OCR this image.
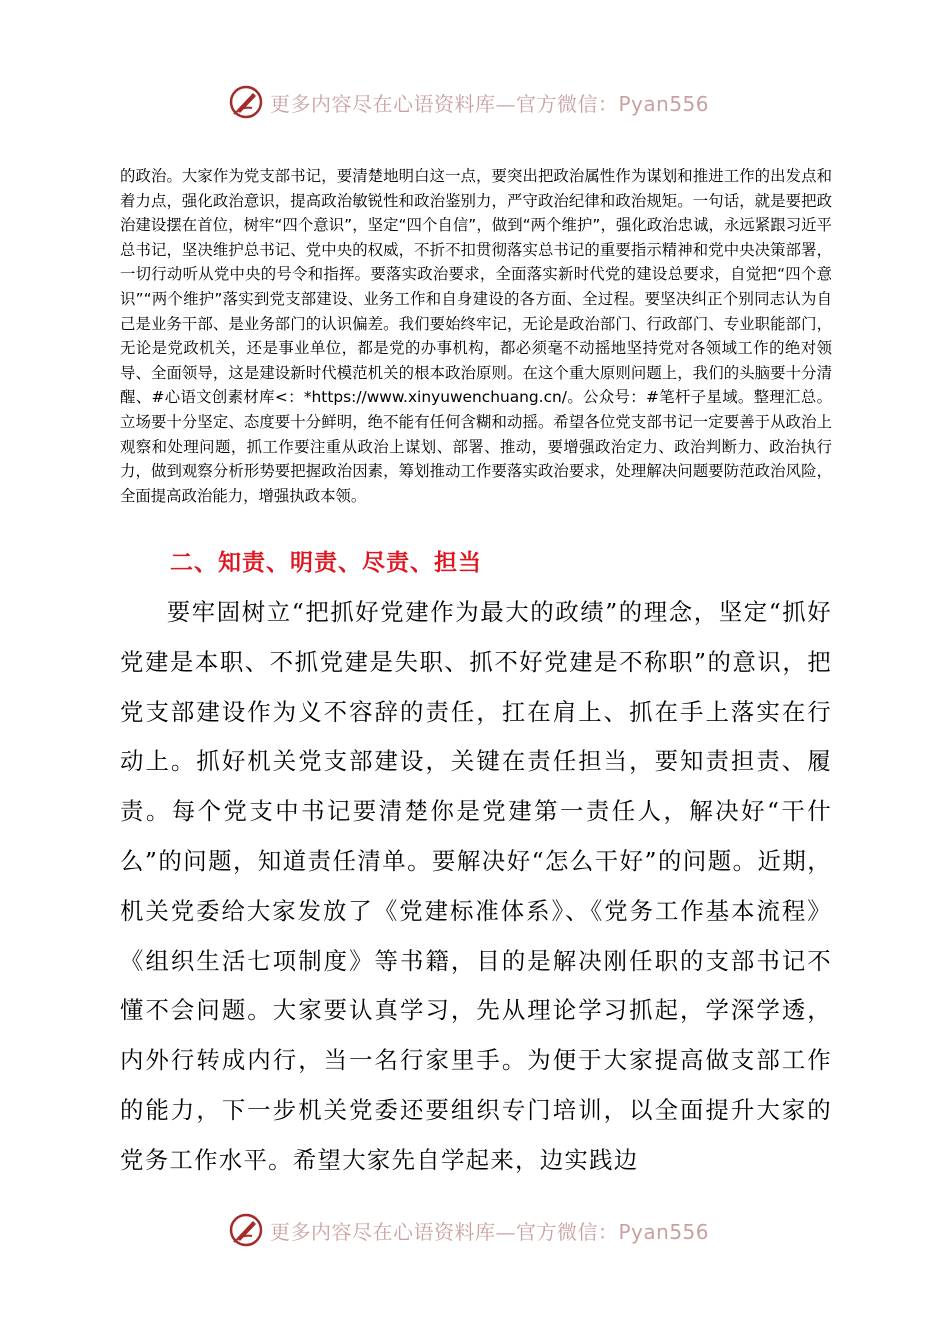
更多内容尽在心语资料库—官方微信：Pyan556

的政治。大家作为党支部书记，要清楚地明白这一点，要突出把政治属性作为谋划和推进工作的出发点和着力点，强化政治意识，提高政治敏锐性和政治鉴别力，严守政治纪律和政治规矩。一句话，就是要把政治建设摆在首位，树牢“四个意识”，坚定“四个自信”，做到“两个维护”，强化政治忠诚，永远紧跟习近平总书记，坚决维护总书记、党中央的权威，不折不扣贯彻落实总书记的重要指示精神和党中央决策部署，一切行动听从党中央的号令和指挥。要落实政治要求，全面落实新时代党的建设总要求，自觉把“四个意识”“两个维护”落实到党支部建设、业务工作和自身建设的各方面、全过程。要坚决纠正个别同志认为自己是业务干部、是业务部门的认识偏差。我们要始终牢记，无论是政治部门、行政部门、专业职能部门，无论是党政机关，还是事业单位，都是党的办事机构，都必须毫不动摇地坚持党对各领域工作的绝对领导、全面领导，这是建设新时代模范机关的根本政治原则。在这个重大原则问题上，我们的头脑要十分清醒、#心语文创素材库<：*https://www.xinyuwenchuang.cn/。公众号：#笔杆子星域。整理汇总。立场要十分坚定、态度要十分鲜明，绝不能有任何含糊和动摇。希望各位党支部书记一定要善于从政治上观察和处理问题，抓工作要注重从政治上谋划、部署、推动，要增强政治定力、政治判断力、政治执行力，做到观察分析形势要把握政治因素，筹划推动工作要落实政治要求，处理解决问题要防范政治风险，全面提高政治能力，增强执政本领。

二、知责、明责、尽责、担当

要牢固树立“把抓好党建作为最大的政绩”的理念，坚定“抓好党建是本职、不抓党建是失职、抓不好党建是不称职”的意识，把党支部建设作为义不容辞的责任，扛在肩上、抓在手上落实在行动上。抓好机关党支部建设，关键在责任担当，要知责担责、履责。每个党支中书记要清楚你是党建第一责任人，解决好“干什么”的问题，知道责任清单。要解决好“怎么干好”的问题。近期，机关党委给大家发放了《党建标准体系》、《党务工作基本流程》《组织生活七项制度》等书籍，目的是解决刚任职的支部书记不懂不会问题。大家要认真学习，先从理论学习抓起，学深学透，内外行转成内行，当一名行家里手。为便于大家提高做支部工作的能力，下一步机关党委还要组织专门培训，以全面提升大家的党务工作水平。希望大家先自学起来，边实践边

更多内容尽在心语资料库—官方微信：Pyan556
